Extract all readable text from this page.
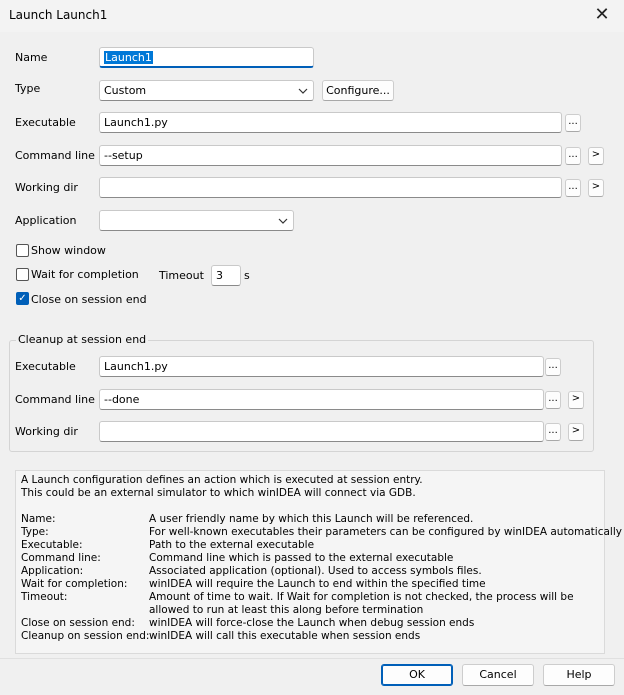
Launch Launch1	✕
Name	Launch1
Type	Custom	Configure...
Executable	Launch1.py	...
Command line --setup	...	>
Working dir	...	>
Application
Show window
Wait for completion Timeout	3	s
✓ Close on session end
Cleanup at session end
Executable	Launch1.py	...
Command line --done	...	>
Working dir	...	>
A Launch configuration defines an action which is executed at session entry.
This could be an external simulator to which winIDEA will connect via GDB.
Name:	A user friendly name by which this Launch will be referenced.
Type:	For well-known executables their parameters can be configured by winIDEA automatically
Executable:	Path to the external executable
Command line:	Command line which is passed to the external executable
Application:	Associated application (optional). Used to access symbols files.
Wait for completion: winIDEA will require the Launch to end within the specified time
Timeout:	Amount of time to wait. If Wait for completion is not checked, the process will be
allowed to run at least this along before termination
Close on session end: winIDEA will force-close the Launch when debug session ends
Cleanup on session end: winIDEA will call this executable when session ends
OK	Cancel	Help
